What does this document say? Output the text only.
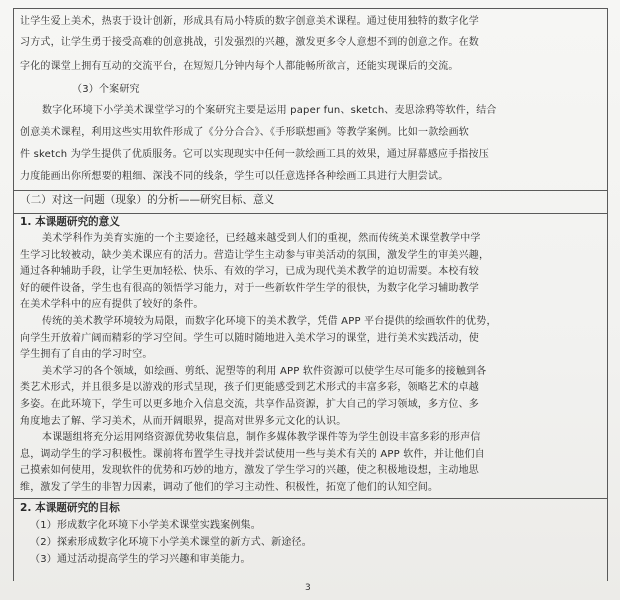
让学生爱上美术，热衷于设计创新，形成具有局小特质的数字创意美术课程。通过使用独特的数字化学

习方式，让学生勇于接受高难的创意挑战，引发强烈的兴趣，激发更多令人意想不到的创意之作。在数

字化的课堂上拥有互动的交流平台，在短短几分钟内每个人都能畅所欲言，还能实现课后的交流。

（3）个案研究

数字化环境下小学美术课堂学习的个案研究主要是运用 paper fun、sketch、麦思涂鸦等软件，结合

创意美术课程，利用这些实用软件形成了《分分合合》、《手形联想画》等教学案例。比如一款绘画软

件 sketch 为学生提供了优质服务。它可以实现现实中任何一款绘画工具的效果，通过屏幕感应手指按压

力度能画出你所想要的粗细、深浅不同的线条，学生可以任意选择各种绘画工具进行大胆尝试。

（二）对这一问题（现象）的分析——研究目标、意义

1. 本课题研究的意义

美术学科作为美育实施的一个主要途径，已经越来越受到人们的重视，然而传统美术课堂教学中学

生学习比较被动，缺少美术课应有的活力。营造让学生主动参与审美活动的氛围，激发学生的审美兴趣，

通过各种辅助手段，让学生更加轻松、快乐、有效的学习，已成为现代美术教学的迫切需要。本校有较

好的硬件设备，学生也有很高的领悟学习能力，对于一些新软件学生学的很快，为数字化学习辅助教学

在美术学科中的应有提供了较好的条件。

传统的美术教学环境较为局限，而数字化环境下的美术教学，凭借 APP 平台提供的绘画软件的优势，

向学生开放着广阔而精彩的学习空间。学生可以随时随地进入美术学习的课堂，进行美术实践活动，使

学生拥有了自由的学习时空。

美术学习的各个领域，如绘画、剪纸、泥塑等的利用 APP 软件资源可以使学生尽可能多的接触到各

类艺术形式，并且很多是以游戏的形式呈现，孩子们更能感受到艺术形式的丰富多彩，领略艺术的卓越

多姿。在此环境下，学生可以更多地介入信息交流，共享作品资源，扩大自己的学习领域，多方位、多

角度地去了解、学习美术，从而开阔眼界，提高对世界多元文化的认识。

本课题组将充分运用网络资源优势收集信息，制作多媒体教学课件等为学生创设丰富多彩的形声信

息，调动学生的学习积极性。课前将布置学生寻找并尝试使用一些与美术有关的 APP 软件，并让他们自

己摸索如何使用，发现软件的优势和巧妙的地方，激发了学生学习的兴趣，使之积极地设想，主动地思

维，激发了学生的非智力因素，调动了他们的学习主动性、积极性，拓宽了他们的认知空间。

3

2. 本课题研究的目标

（1）形成数字化环境下小学美术课堂实践案例集。

（2）探索形成数字化环境下小学美术课堂的新方式、新途径。

（3）通过活动提高学生的学习兴趣和审美能力。
